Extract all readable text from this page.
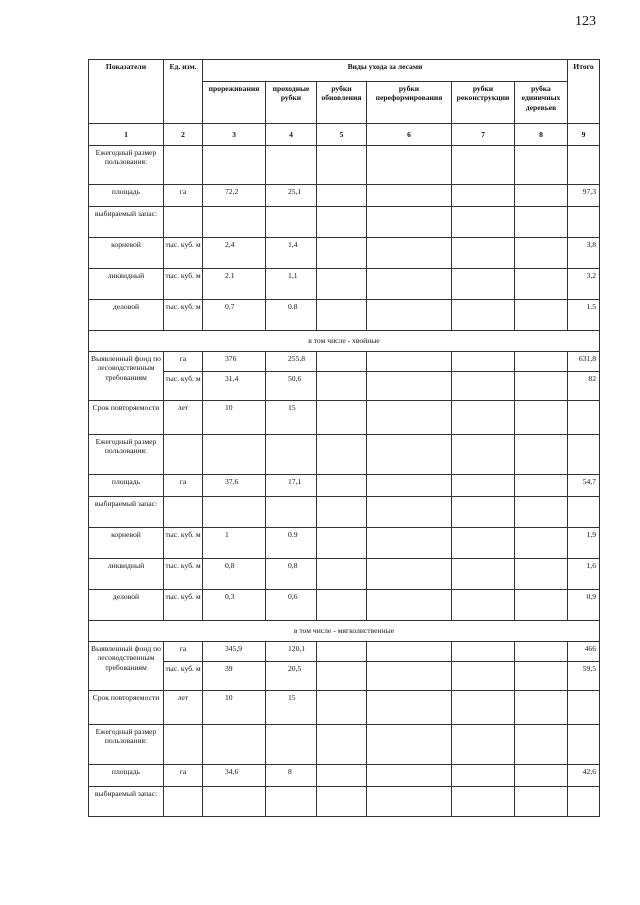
123
Показатели	Ед. изм.	Виды ухода за лесами						Итого
		прореживания	проходные рубки	рубки обновления	рубки переформирования	рубки реконструкции	рубка единичных деревьев	
1	2	3	4	5	6	7	8	9
Ежегодный размер пользования:								
площадь	га	72,2	25,1					97,3
выбираемый запас:								
корневой	тыс. куб. м	2,4	1,4					3,8
ликвидный	тыс. куб. м	2.1	1,1					3,2
деловой	тыс. куб. м	0,7	0.8					1.5
в том числе - хвойные								
Выявленный фонд по лесоводственным требованиям	га	376	255,8					631,8
	тыс. куб. м	31,4	50,6					82
Срок повторяемости	лет	10	15					
Ежегодный размер пользования:								
площадь	га	37,6	17,1					54,7
выбираемый запас:								
корневой	тыс. куб. м	1	0.9					1,9
ликвидный	тыс. куб. м	0,8	0,8					1,6
деловой	тыс. куб. м	0,3	0,6					0,9
в том числе - мягколиственные								
Выявленный фонд по лесоводственным требованиям	га	345,9	120,1					466
	тыс. куб. м	39	20,5					59,5
Срок повторяемости	лет	10	15					
Ежегодный размер пользования:								
площадь	га	34,6	8					42,6
выбираемый запас:								
